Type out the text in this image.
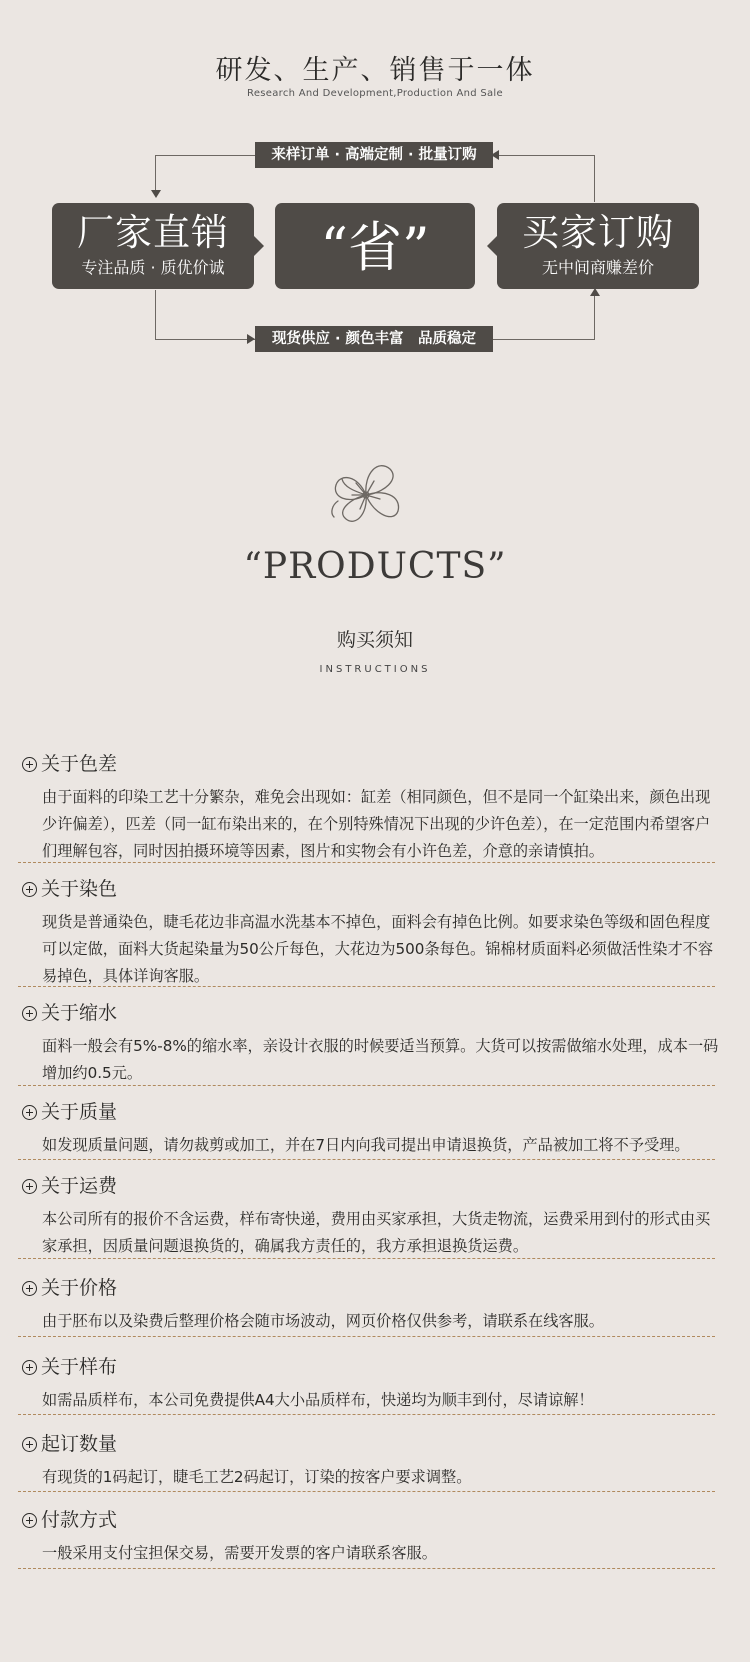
研发、生产、销售于一体
Research And Development,Production And Sale
来样订单 · 高端定制 · 批量订购
现货供应 · 颜色丰富　品质稳定
厂家直销
专注品质 · 质优价诚	“省”	买家订购
无中间商赚差价
“PRODUCTS”
购买须知
INSTRUCTIONS
关于色差
由于面料的印染工艺十分繁杂，难免会出现如：缸差（相同颜色，但不是同一个缸染出来，颜色出现少许偏差），匹差（同一缸布染出来的，在个别特殊情况下出现的少许色差），在一定范围内希望客户们理解包容，同时因拍摄环境等因素，图片和实物会有小许色差，介意的亲请慎拍。
关于染色
现货是普通染色，睫毛花边非高温水洗基本不掉色，面料会有掉色比例。如要求染色等级和固色程度可以定做，面料大货起染量为50公斤每色，大花边为500条每色。锦棉材质面料必须做活性染才不容易掉色，具体详询客服。
关于缩水
面料一般会有5%-8%的缩水率，亲设计衣服的时候要适当预算。大货可以按需做缩水处理，成本一码增加约0.5元。
关于质量
如发现质量问题，请勿裁剪或加工，并在7日内向我司提出申请退换货，产品被加工将不予受理。
关于运费
本公司所有的报价不含运费，样布寄快递，费用由买家承担，大货走物流，运费采用到付的形式由买家承担，因质量问题退换货的，确属我方责任的，我方承担退换货运费。
关于价格
由于胚布以及染费后整理价格会随市场波动，网页价格仅供参考，请联系在线客服。
关于样布
如需品质样布，本公司免费提供A4大小品质样布，快递均为顺丰到付，尽请谅解！
起订数量
有现货的1码起订，睫毛工艺2码起订，订染的按客户要求调整。
付款方式
一般采用支付宝担保交易，需要开发票的客户请联系客服。
